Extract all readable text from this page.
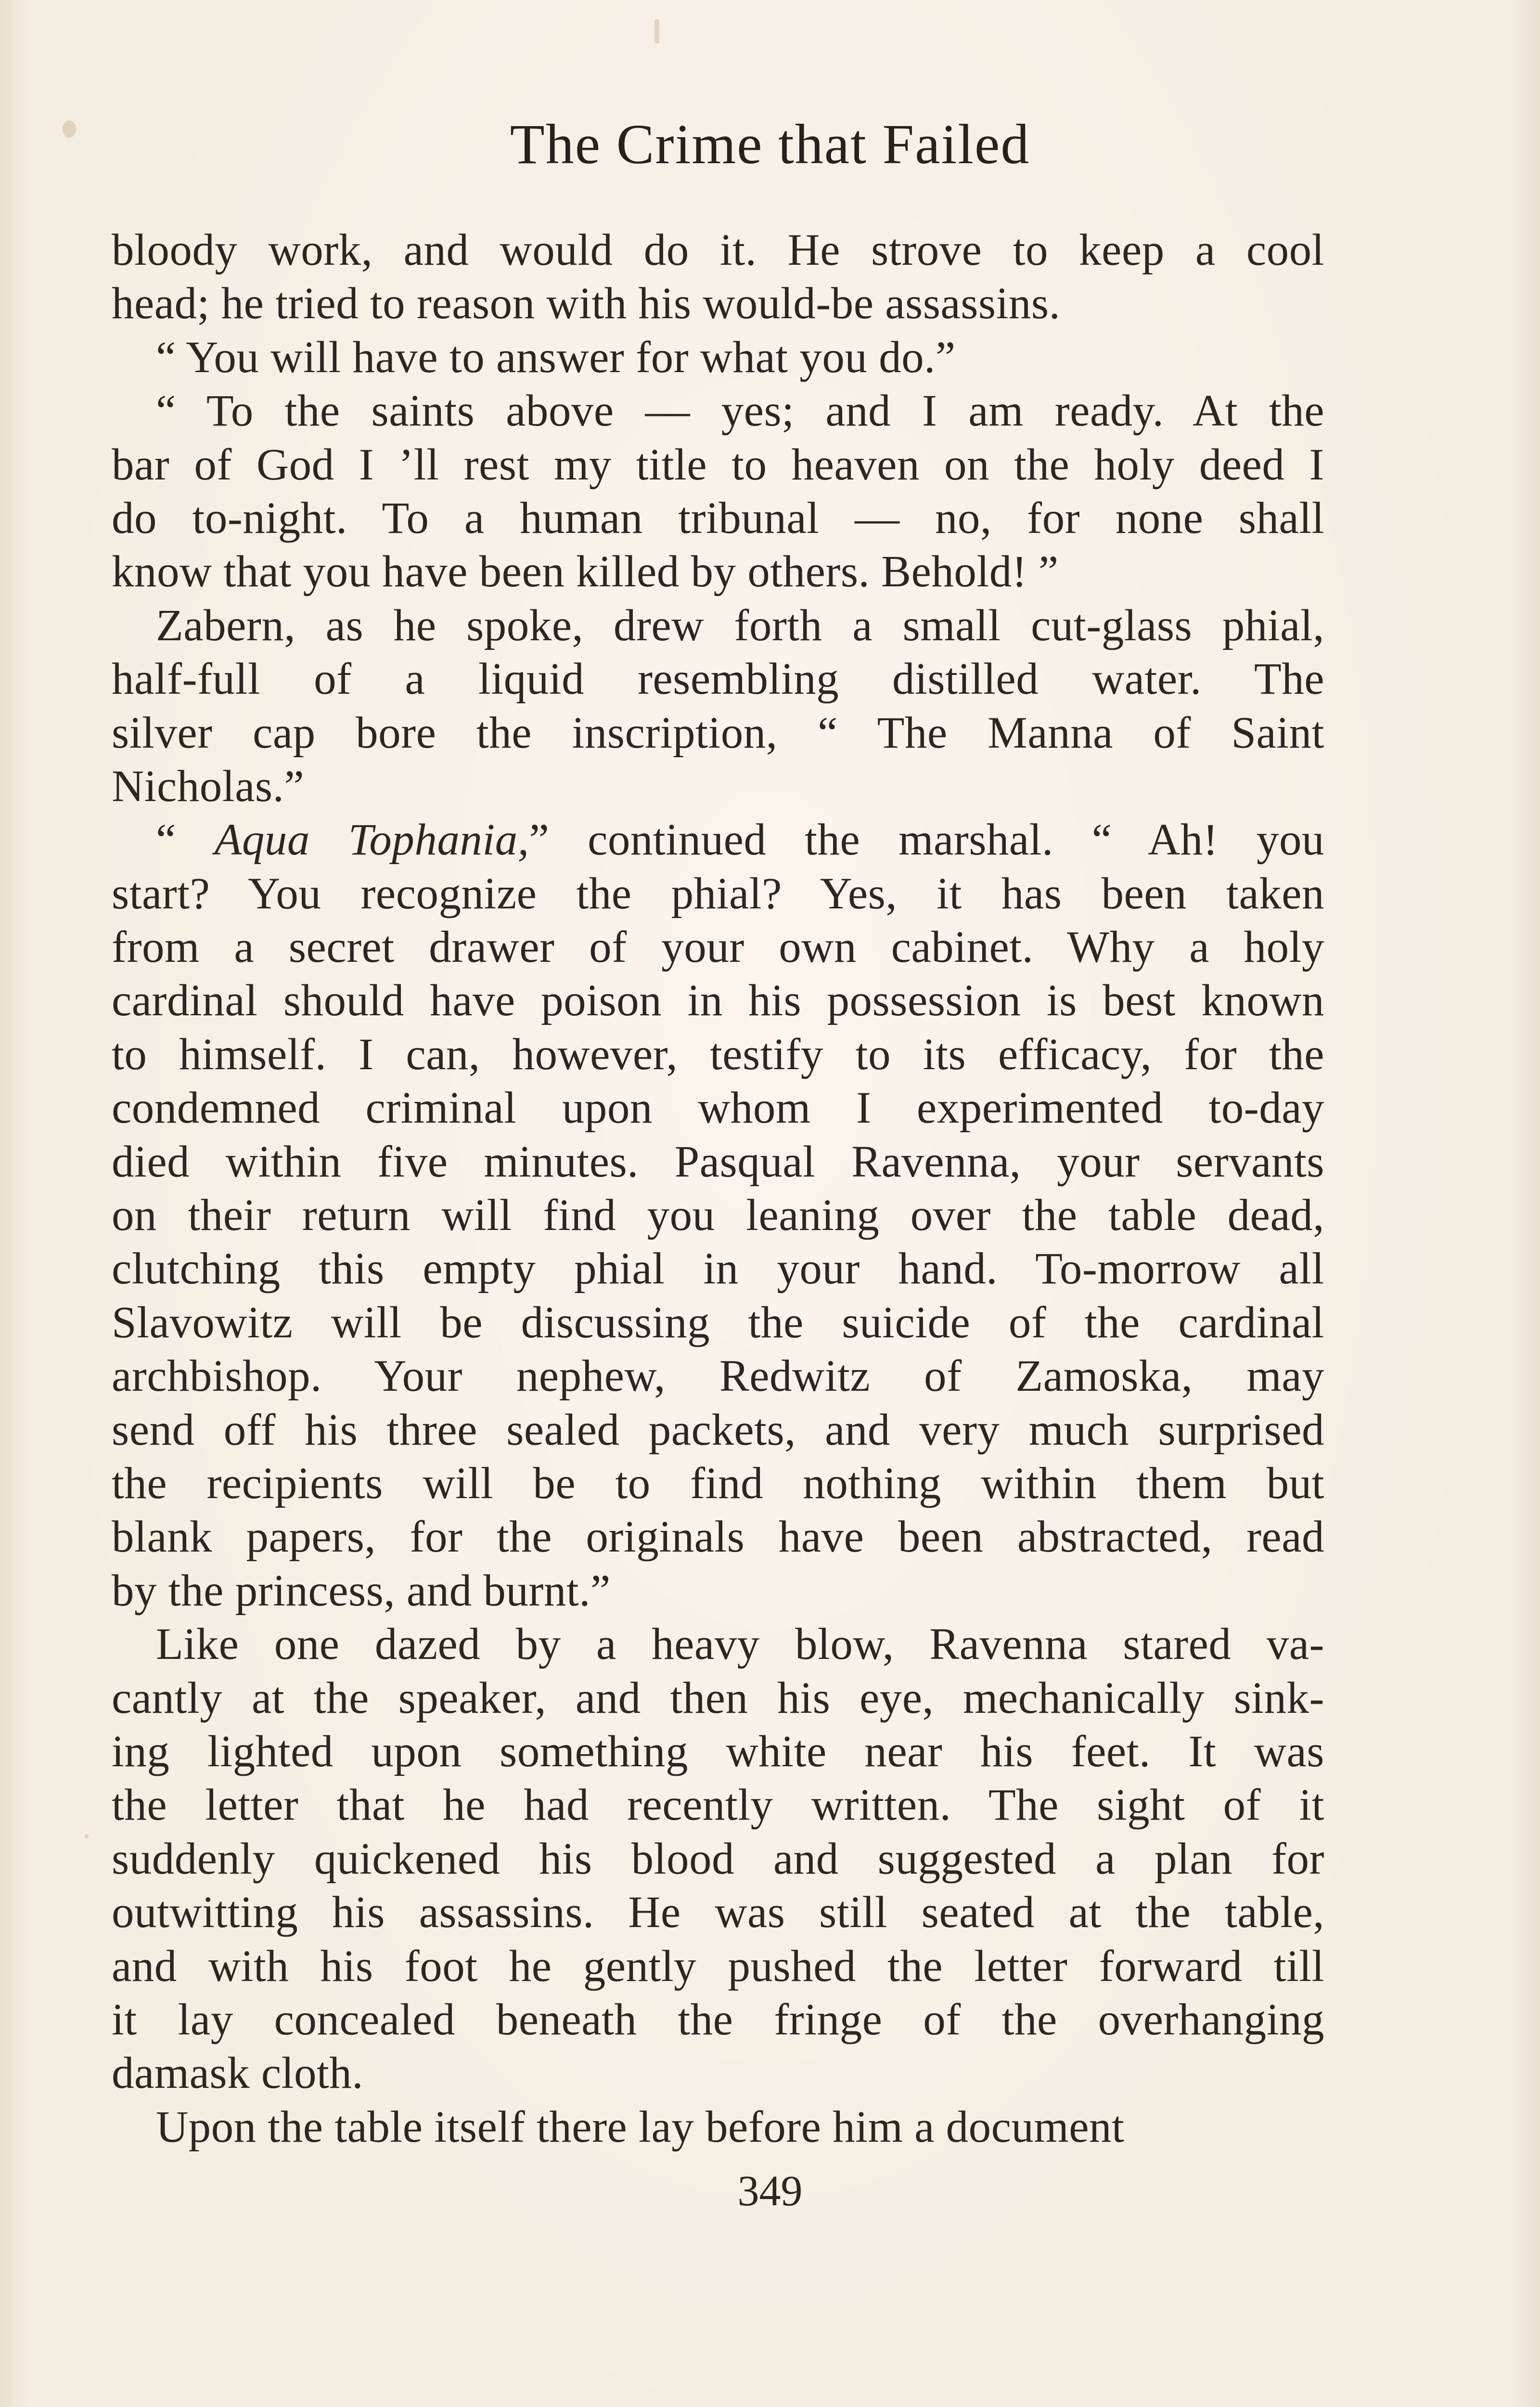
The Crime that Failed
bloody work, and would do it. He strove to keep a cool
head; he tried to reason with his would-be assassins.
“ You will have to answer for what you do.”
“ To the saints above — yes; and I am ready. At the
bar of God I ’ll rest my title to heaven on the holy deed I
do to-night. To a human tribunal — no, for none shall
know that you have been killed by others. Behold! ”
Zabern, as he spoke, drew forth a small cut-glass phial,
half-full of a liquid resembling distilled water. The
silver cap bore the inscription, “ The Manna of Saint
Nicholas.”
“ Aqua Tophania,” continued the marshal. “ Ah! you
start? You recognize the phial? Yes, it has been taken
from a secret drawer of your own cabinet. Why a holy
cardinal should have poison in his possession is best known
to himself. I can, however, testify to its efficacy, for the
condemned criminal upon whom I experimented to-day
died within five minutes. Pasqual Ravenna, your servants
on their return will find you leaning over the table dead,
clutching this empty phial in your hand. To-morrow all
Slavowitz will be discussing the suicide of the cardinal
archbishop. Your nephew, Redwitz of Zamoska, may
send off his three sealed packets, and very much surprised
the recipients will be to find nothing within them but
blank papers, for the originals have been abstracted, read
by the princess, and burnt.”
Like one dazed by a heavy blow, Ravenna stared va-
cantly at the speaker, and then his eye, mechanically sink-
ing lighted upon something white near his feet. It was
the letter that he had recently written. The sight of it
suddenly quickened his blood and suggested a plan for
outwitting his assassins. He was still seated at the table,
and with his foot he gently pushed the letter forward till
it lay concealed beneath the fringe of the overhanging
damask cloth.
Upon the table itself there lay before him a document
349
